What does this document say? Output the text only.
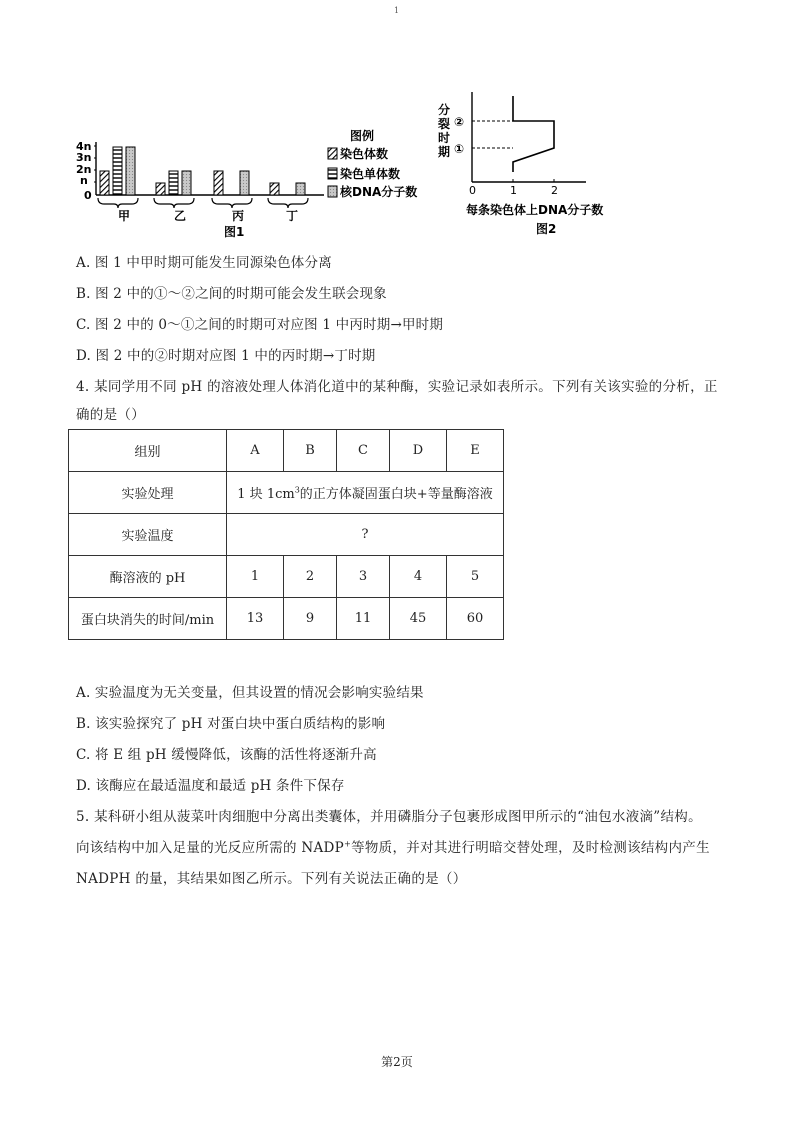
1
4n
3n
2n
n
0
甲	乙	丙	丁
图1
图例
染色体数
染色单体数
核DNA分子数
分
裂
时
期
②
①
0	1	2
每条染色体上DNA分子数
图2
A. 图 1 中甲时期可能发生同源染色体分离
B. 图 2 中的①～②之间的时期可能会发生联会现象
C. 图 2 中的 0～①之间的时期可对应图 1 中丙时期→甲时期
D. 图 2 中的②时期对应图 1 中的丙时期→丁时期
4. 某同学用不同 pH 的溶液处理人体消化道中的某种酶，实验记录如表所示。下列有关该实验的分析，正
确的是（）
组别	A	B	C	D	E
实验处理	1 块 $1cm^3$的正方体凝固蛋白块+等量酶溶液				
实验温度	?				
酶溶液的 pH	1	2	3	4	5
蛋白块消失的时间/min	13	9	11	45	60
A. 实验温度为无关变量，但其设置的情况会影响实验结果
B. 该实验探究了 pH 对蛋白块中蛋白质结构的影响
C. 将 E 组 pH 缓慢降低，该酶的活性将逐渐升高
D. 该酶应在最适温度和最适 pH 条件下保存
5. 某科研小组从菠菜叶肉细胞中分离出类囊体，并用磷脂分子包裹形成图甲所示的“油包水液滴”结构。
向该结构中加入足量的光反应所需的 NADP+等物质，并对其进行明暗交替处理，及时检测该结构内产生
NADPH 的量，其结果如图乙所示。下列有关说法正确的是（）
第2页
